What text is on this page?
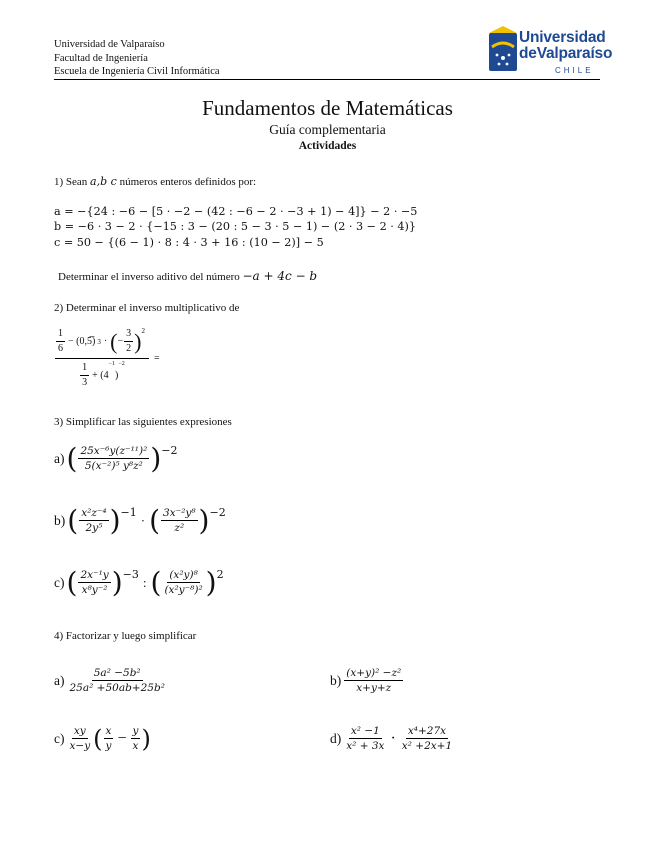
Universidad de Valparaíso
Facultad de Ingeniería
Escuela de Ingeniería Civil Informática
Universidad
deValparaíso
CHILE
Fundamentos de Matemáticas
Guía complementaria
Actividades
1) Sean a,b c números enteros definidos por:
a = −{24 : −6 − [5 · −2 − (42 : −6 − 2 · −3 + 1) − 4]} − 2 · −5
b = −6 · 3 − 2 · {−15 : 3 − (20 : 5 − 3 · 5 − 1) − (2 · 3 − 2 · 4)}
c = 50 − {(6 − 1) · 8 : 4 · 3 + 16 : (10 − 2)] − 5
Determinar el inverso aditivo del número −a + 4c − b
2) Determinar el inverso multiplicativo de
$\frac{1}{6}$ − (0,5̅) 3 · ( − $\frac{3}{2} )^2$
$\frac{1}{3} + (4$
−1
)
−2	=
3) Simplificar las siguientes expresiones
a) ( $\frac{\text{25x⁻⁶y(z⁻¹¹)²}}{\text{5(x⁻²)⁵ y⁸z²}}$ ) −2
b) ( $\frac{\text{x²z⁻⁴}}{\text{2y⁵}}$ ) −1 · ( $\frac{\text{3x⁻²y⁸}}{\text{z²}}$ ) −2
c) ( $\frac{\text{2x⁻¹y}}{\text{x⁸y⁻²}}$ ) −3 : ( $\frac{\text{(x²y)⁸}}{\text{(x²y⁻⁸)²}}$ ) 2
4) Factorizar y luego simplificar
$a) \frac{\text{5a² −5b²}}{\text{25a² +50ab+25b²}}$	$b) \frac{\text{(x+y)² −z²}}{x+y+z}$
$c) \frac{xy}{x-y}$ ( $\frac{x}{y} - \frac{y}{x}$ )	$d) \frac{\text{x² −1}}{\text{x² + 3x}} \cdot \frac{\text{x⁴+27x}}{\text{x² +2x+1}}$
